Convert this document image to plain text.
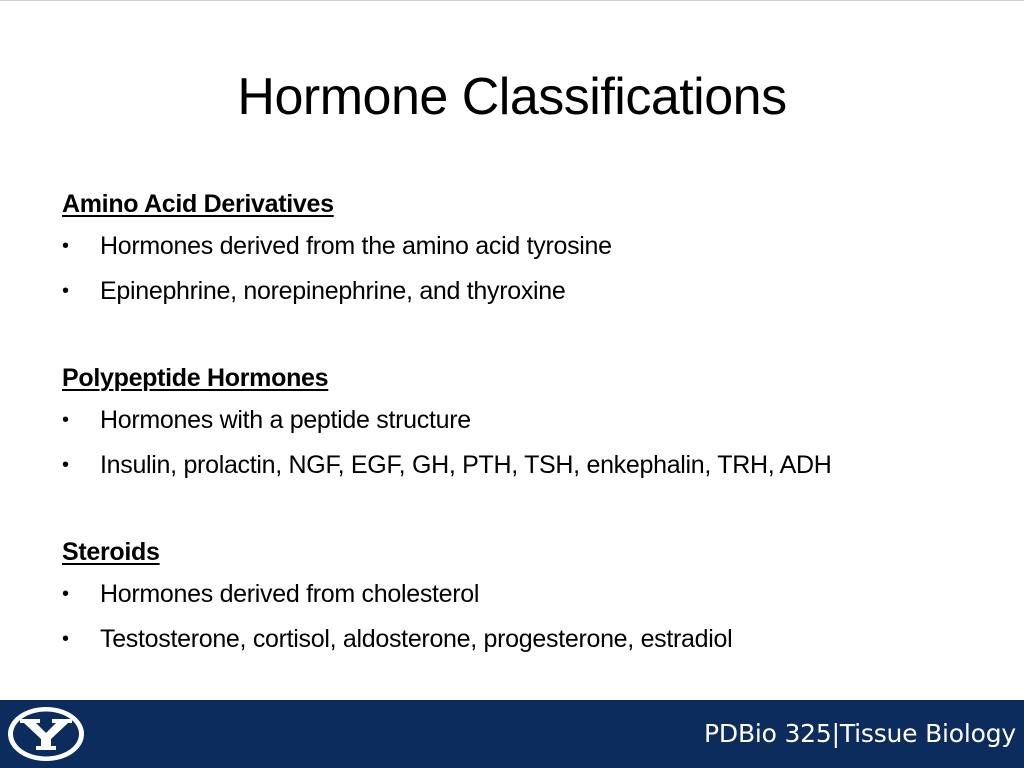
Hormone Classifications
Amino Acid Derivatives
• Hormones derived from the amino acid tyrosine
• Epinephrine, norepinephrine, and thyroxine
Polypeptide Hormones
• Hormones with a peptide structure
• Insulin, prolactin, NGF, EGF, GH, PTH, TSH, enkephalin, TRH, ADH
Steroids
• Hormones derived from cholesterol
• Testosterone, cortisol, aldosterone, progesterone, estradiol
PDBio 325|Tissue Biology
